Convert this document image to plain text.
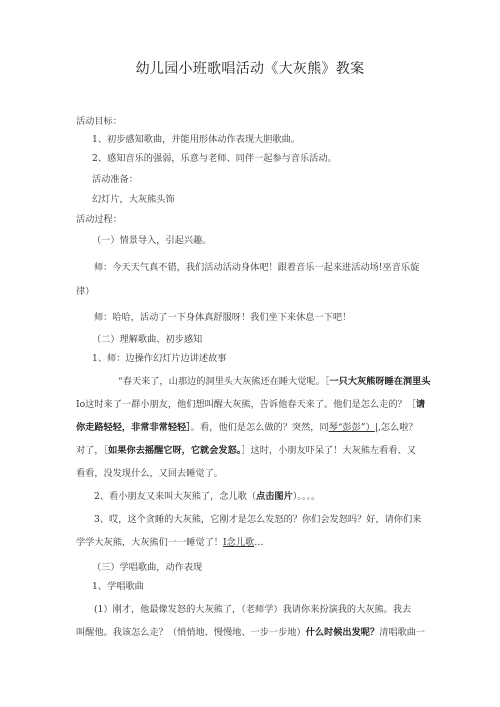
幼儿园小班歌唱活动《大灰熊》教案
活动目标：
1、初步感知歌曲，并能用形体动作表现大胆歌曲。
2、感知音乐的强弱，乐意与老师、同伴一起参与音乐活动。
活动准备：
幻灯片，大灰熊头饰
活动过程：
（一）情景导入，引起兴趣。
师：今天天气真不错，我们活动活动身体吧！跟着音乐一起来进活动场!巫音乐旋
律）
师：哈哈，活动了一下身体真舒服呀！我们坐下来休息一下吧！
（二）理解歌曲、初步感知
1、师：边操作幻灯片边讲述故事
“春天来了，山那边的洞里头大灰熊还在睡大觉呢。［一只大灰熊呀睡在洞里头
Io这时来了一群小朋友，他们想叫醒大灰熊，告诉他春天来了。他们是怎么走的？［请
你走路轻轻，非常非常轻轻］。看，他们是怎么做的？突然，同琴“彭彭”）|,怎么啦？
对了，［如果你去摇醒它呀，它就会发怒。］这时，小朋友吓呆了！大灰熊左看看、又
看看，没发现什么，又回去睡觉了。
2、看小朋友又来叫大灰熊了，念儿歌（点击图片）。。。。
3、哎，这个贪睡的大灰熊，它刚才是怎么发怒的？你们会发怒吗？好，请你们来
学学大灰熊，大灰熊们一一睡觉了！I念儿歌…
（三）学唱歌曲，动作表现
1、学唱歌曲
(1）刚才，他最像发怒的大灰熊了，（老师学）我请你来扮演我的大灰熊。我去
叫醒他。我该怎么走？（悄悄地、慢慢地、一步一步地）什么时候出发呢？清唱歌曲一
